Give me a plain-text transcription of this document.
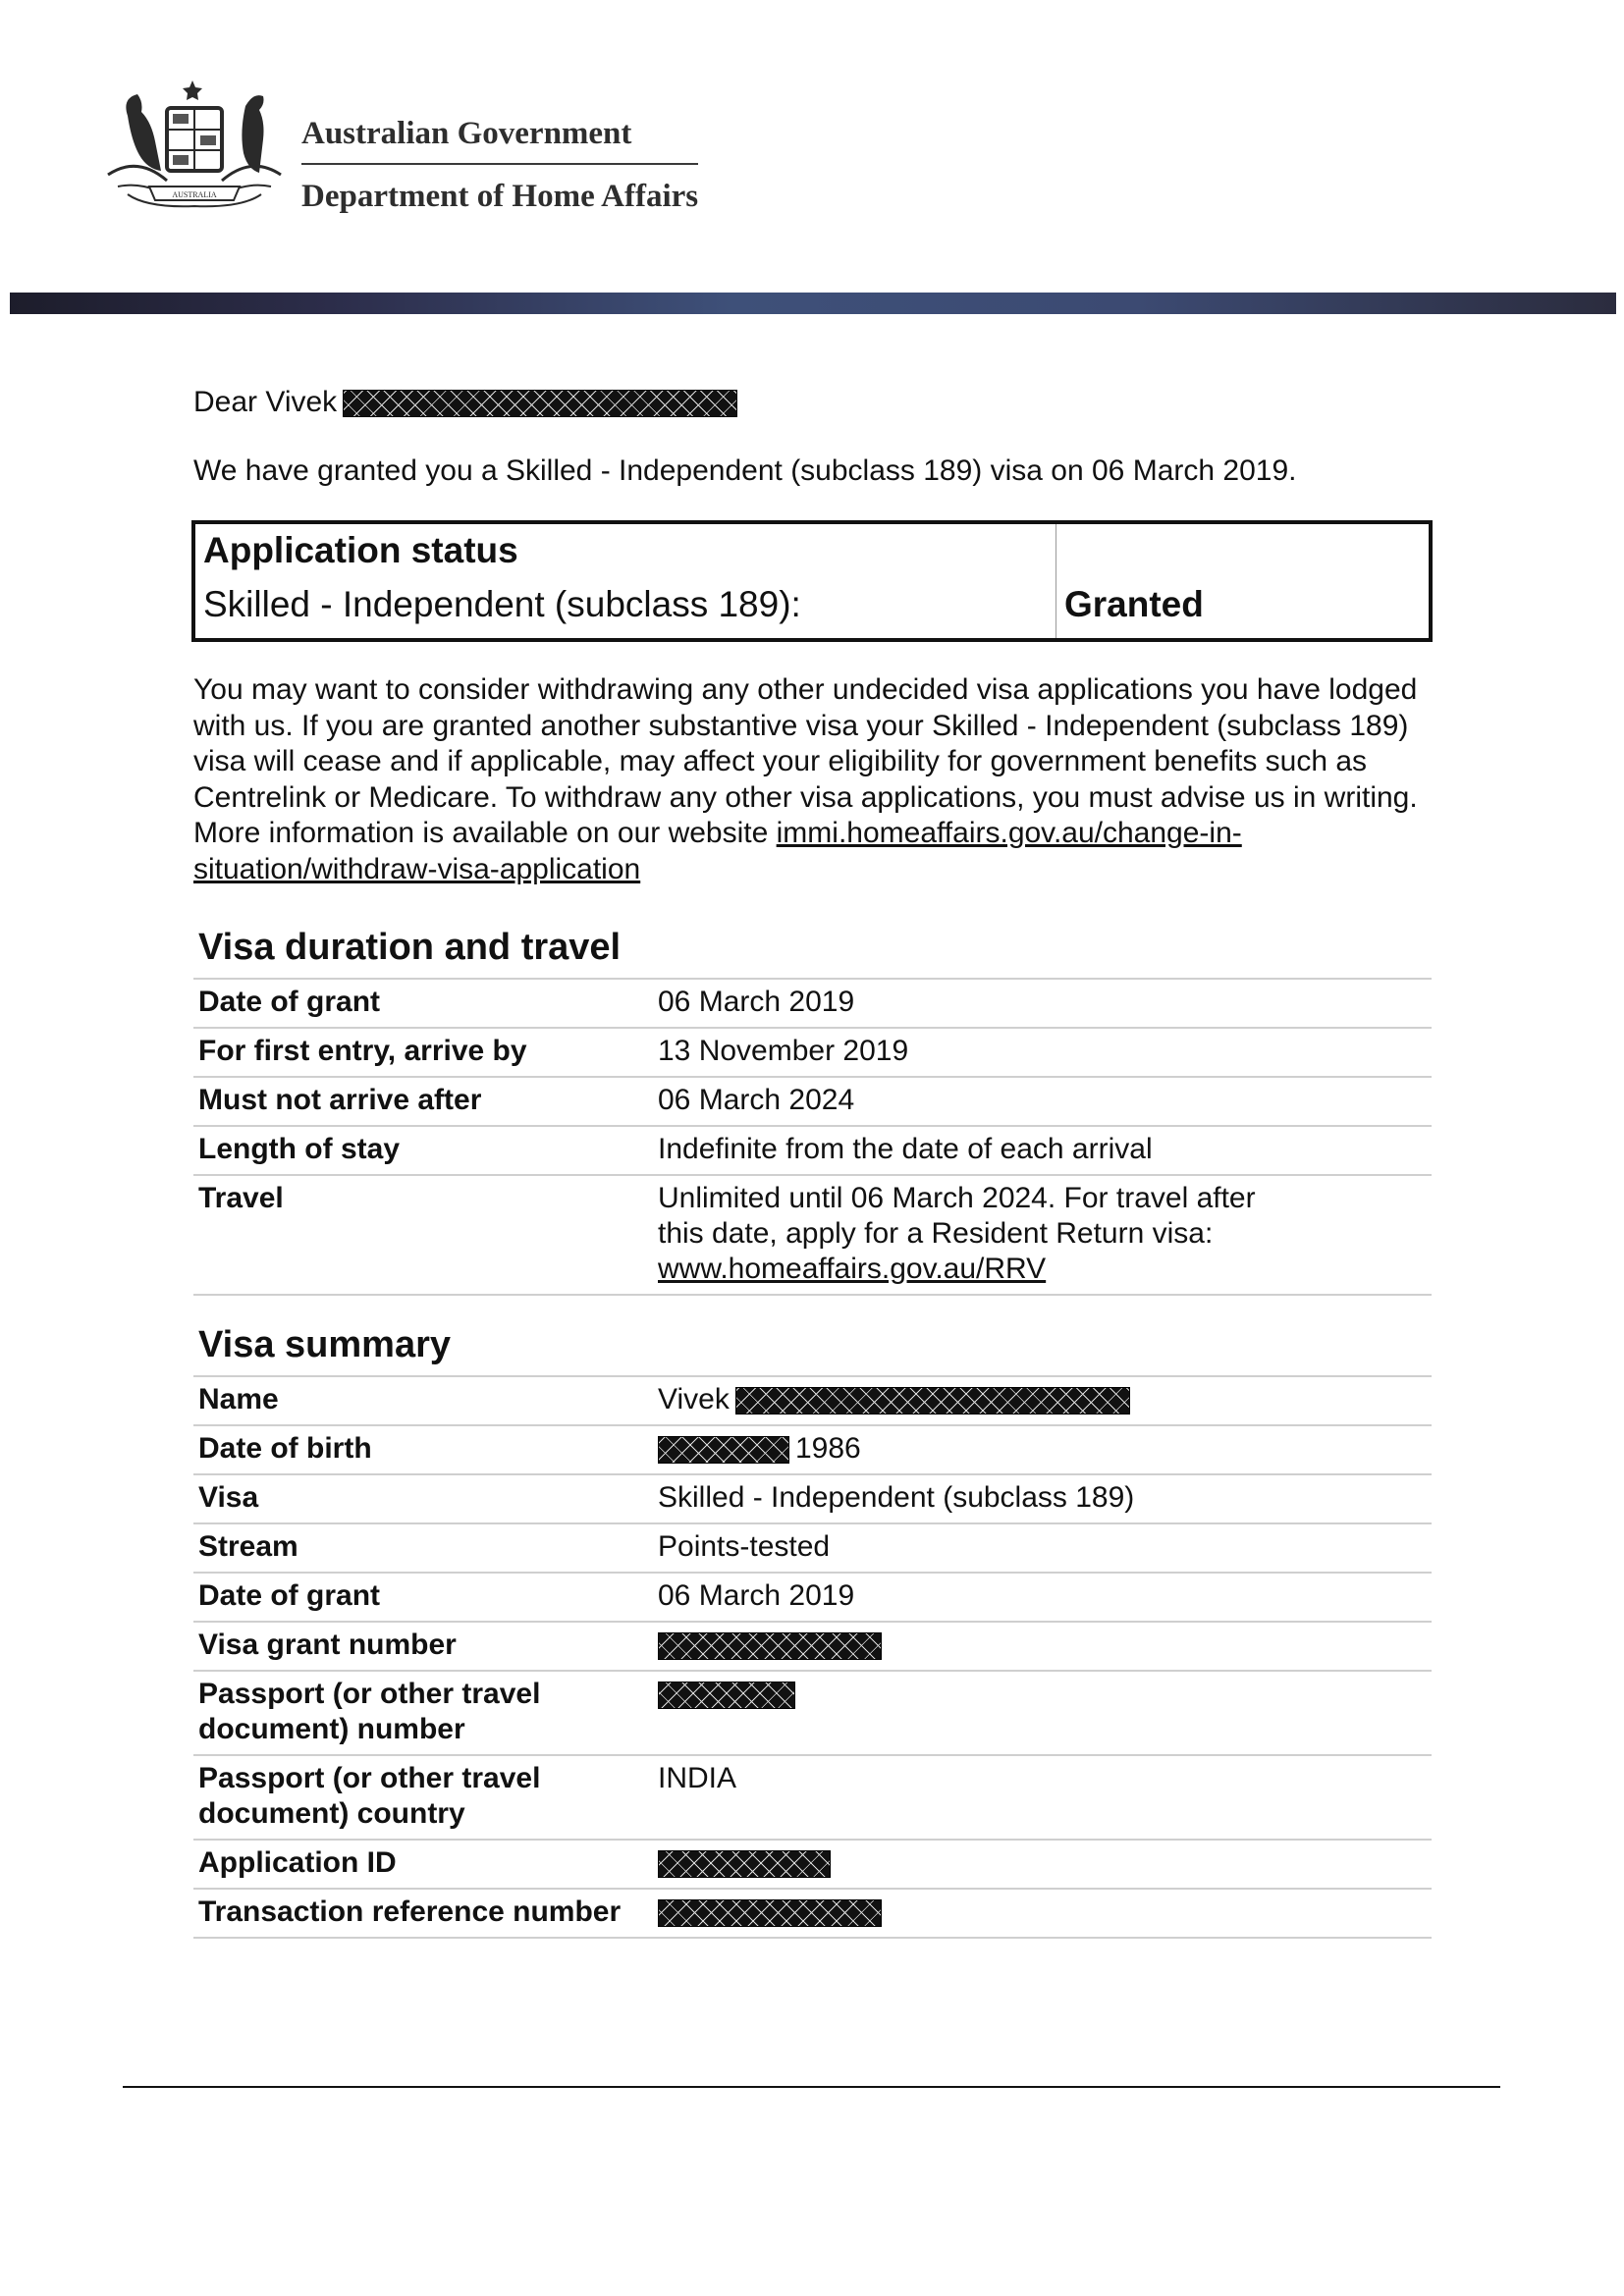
AUSTRALIA
Australian Government
Department of Home Affairs
Dear Vivek
We have granted you a Skilled - Independent (subclass 189) visa on 06 March 2019.
Application status
Skilled - Independent (subclass 189):	Granted

You may want to consider withdrawing any other undecided visa applications you have lodged with us. If you are granted another substantive visa your Skilled - Independent (subclass 189) visa will cease and if applicable, may affect your eligibility for government benefits such as Centrelink or Medicare. To withdraw any other visa applications, you must advise us in writing. More information is available on our website immi.homeaffairs.gov.au/change-in-situation/withdraw-visa-application

Visa duration and travel
Date of grant	06 March 2019
For first entry, arrive by	13 November 2019
Must not arrive after	06 March 2024
Length of stay	Indefinite from the date of each arrival
Travel	Unlimited until 06 March 2024. For travel after this date, apply for a Resident Return visa:
www.homeaffairs.gov.au/RRV
Visa summary
Name	Vivek
Date of birth	1986
Visa	Skilled - Independent (subclass 189)
Stream	Points-tested
Date of grant	06 March 2019
Visa grant number	
Passport (or other travel document) number	
Passport (or other travel document) country	INDIA
Application ID	
Transaction reference number	
